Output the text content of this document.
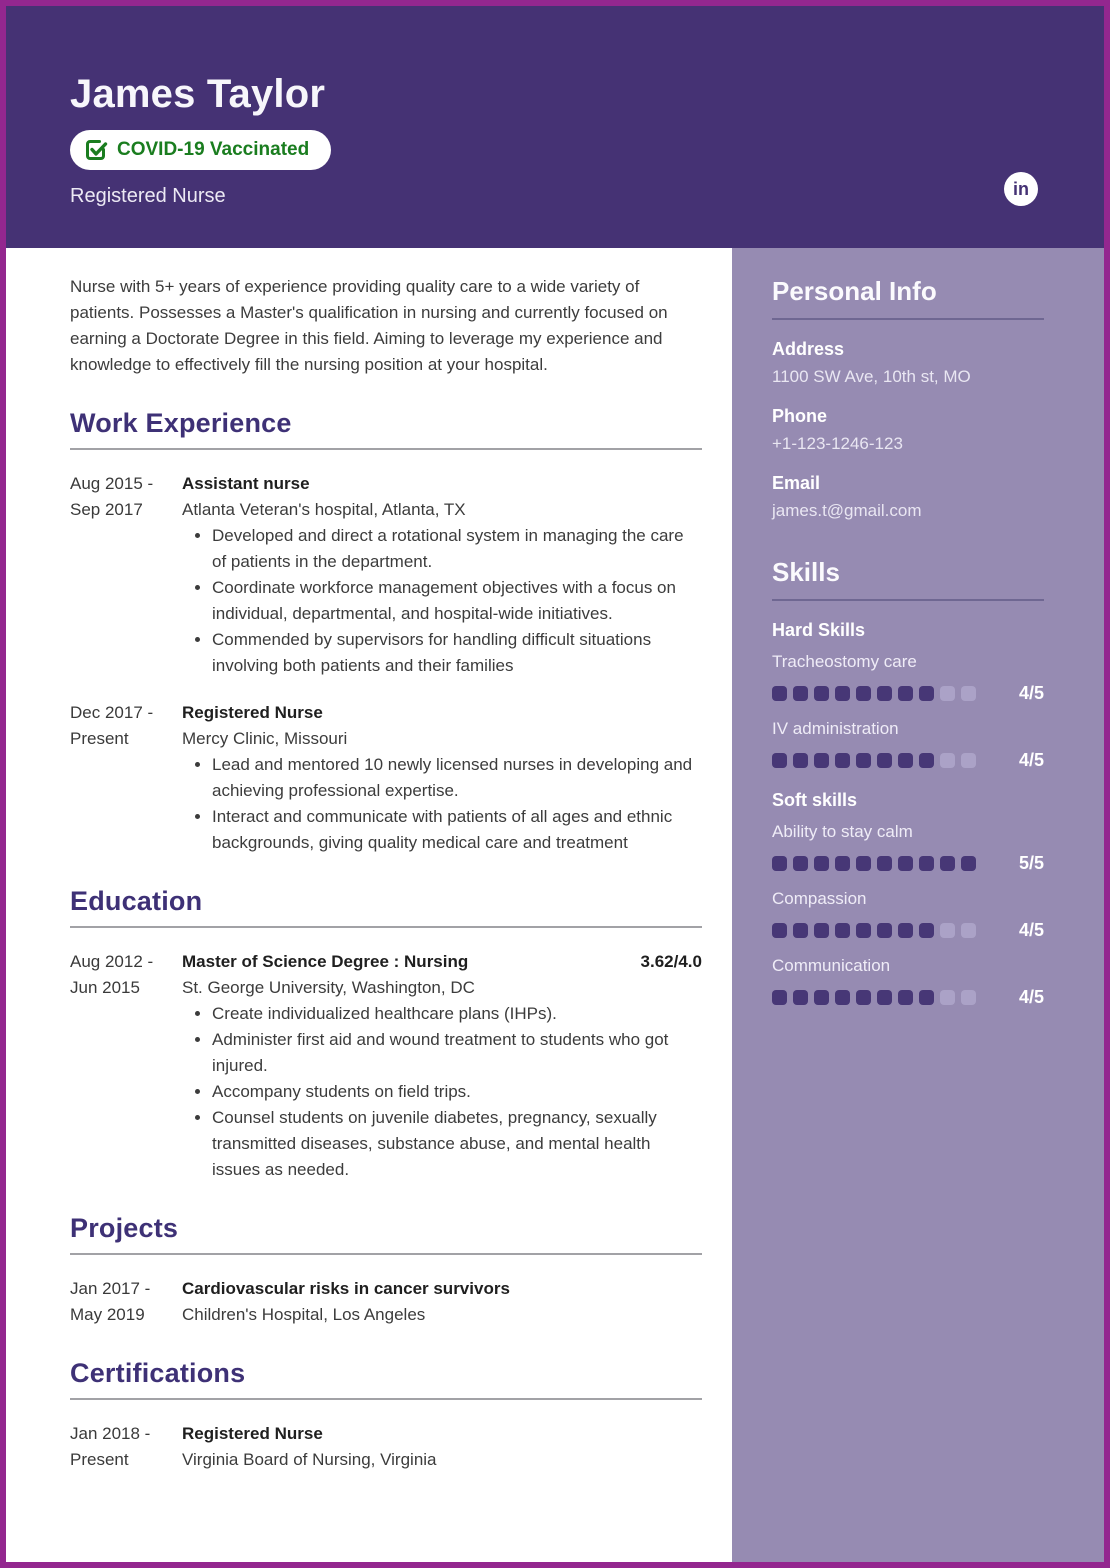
James Taylor
COVID-19 Vaccinated
Registered Nurse	in

Nurse with 5+ years of experience providing quality care to a wide variety of patients. Possesses a Master's qualification in nursing and currently focused on earning a Doctorate Degree in this field. Aiming to leverage my experience and knowledge to effectively fill the nursing position at your hospital.

Work Experience
Aug 2015 -
Sep 2017
Assistant nurse
Atlanta Veteran's hospital, Atlanta, TX
• Developed and direct a rotational system in managing the care of patients in the department.
• Coordinate workforce management objectives with a focus on individual, departmental, and hospital-wide initiatives.
• Commended by supervisors for handling difficult situations involving both patients and their families
Dec 2017 -
Present
Registered Nurse
Mercy Clinic, Missouri
• Lead and mentored 10 newly licensed nurses in developing and achieving professional expertise.
• Interact and communicate with patients of all ages and ethnic backgrounds, giving quality medical care and treatment
Education
Aug 2012 -
Jun 2015
Master of Science Degree : Nursing	3.62/4.0
St. George University, Washington, DC
• Create individualized healthcare plans (IHPs).
• Administer first aid and wound treatment to students who got injured.
• Accompany students on field trips.
• Counsel students on juvenile diabetes, pregnancy, sexually transmitted diseases, substance abuse, and mental health issues as needed.
Projects
Jan 2017 -
May 2019
Cardiovascular risks in cancer survivors
Children's Hospital, Los Angeles
Certifications
Jan 2018 -
Present
Registered Nurse
Virginia Board of Nursing, Virginia
Personal Info
Address
1100 SW Ave, 10th st, MO
Phone
+1-123-1246-123
Email
james.t@gmail.com
Skills
Hard Skills
Tracheostomy care
4/5
IV administration
4/5
Soft skills
Ability to stay calm
5/5
Compassion
4/5
Communication
4/5
